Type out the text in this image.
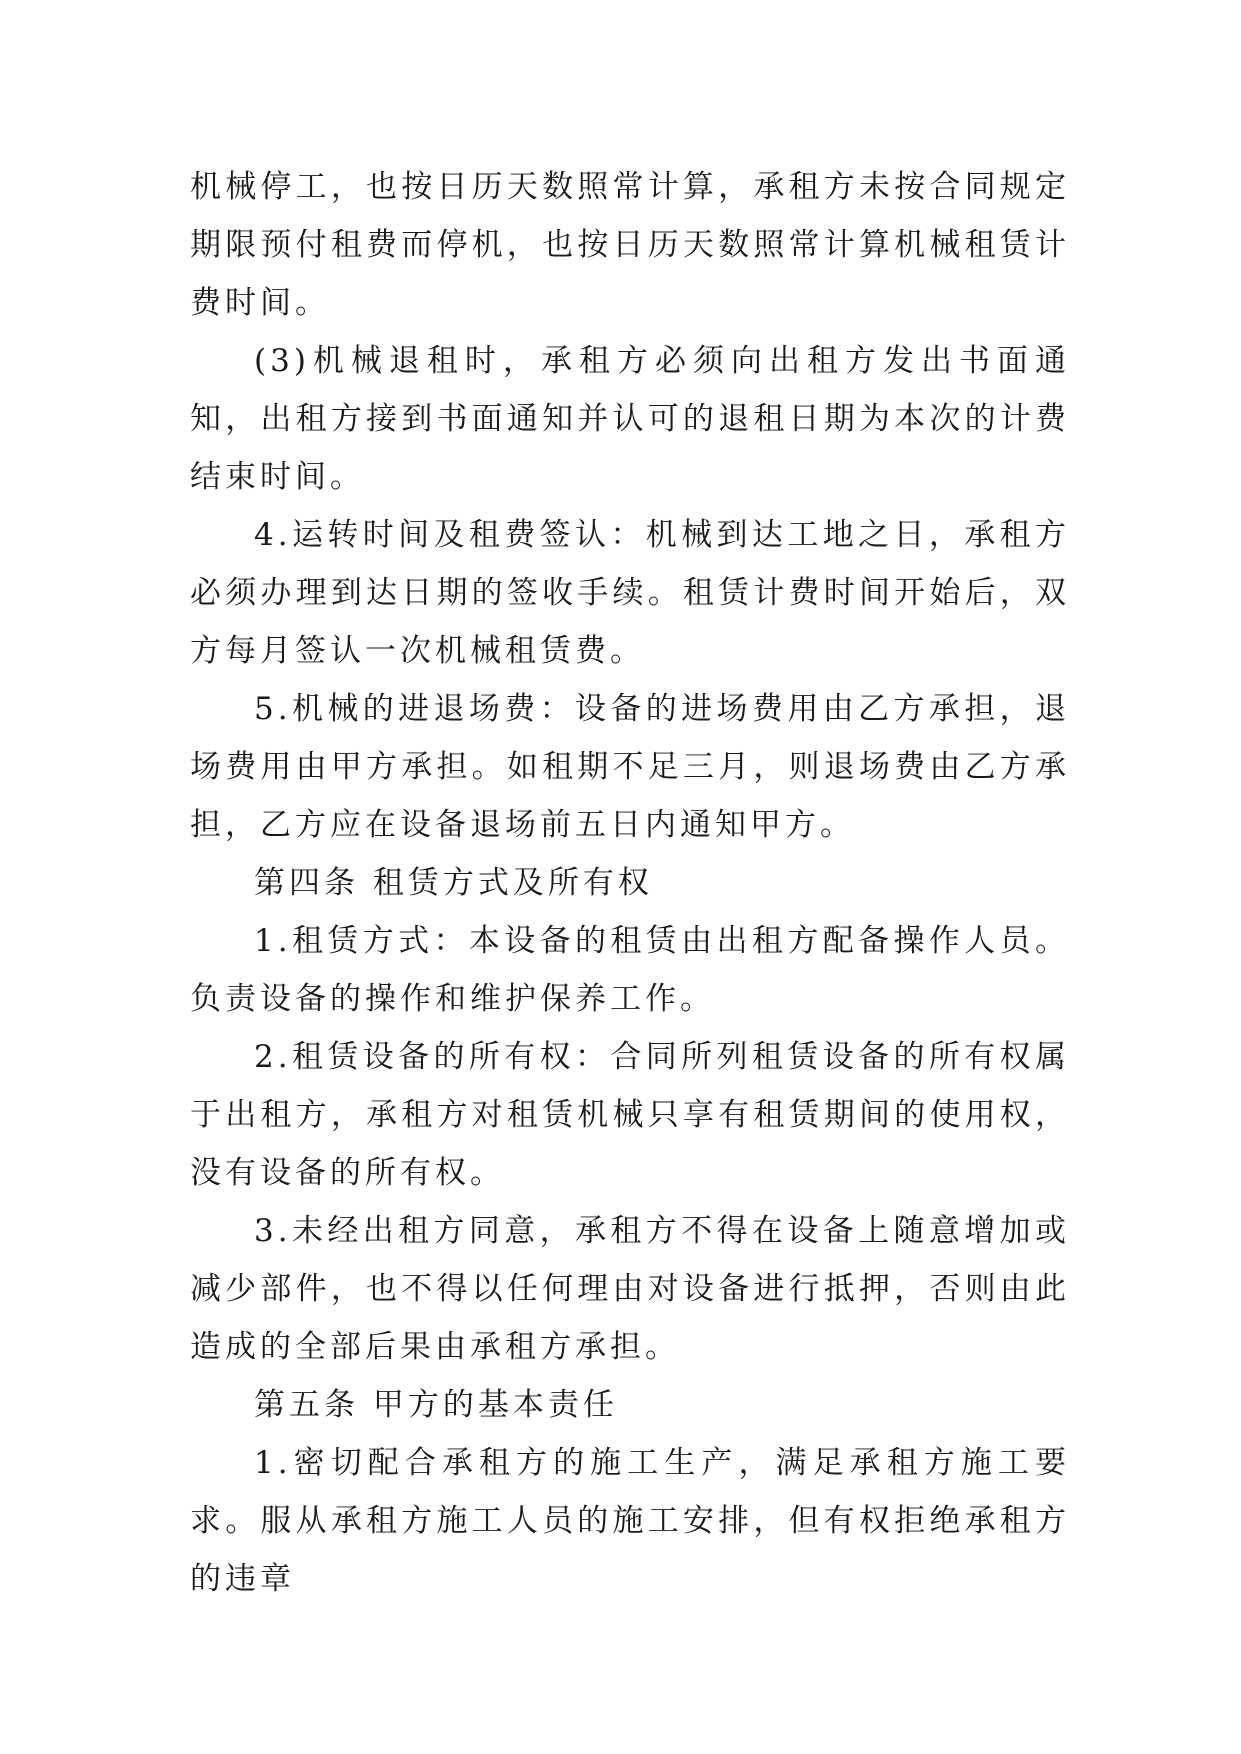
机械停工，也按日历天数照常计算，承租方未按合同规定期限预付租费而停机，也按日历天数照常计算机械租赁计费时间。

(3)机械退租时，承租方必须向出租方发出书面通知，出租方接到书面通知并认可的退租日期为本次的计费结束时间。

4.运转时间及租费签认：机械到达工地之日，承租方必须办理到达日期的签收手续。租赁计费时间开始后，双方每月签认一次机械租赁费。

5.机械的进退场费：设备的进场费用由乙方承担，退场费用由甲方承担。如租期不足三月，则退场费由乙方承担，乙方应在设备退场前五日内通知甲方。

第四条 租赁方式及所有权

1.租赁方式：本设备的租赁由出租方配备操作人员。负责设备的操作和维护保养工作。

2.租赁设备的所有权：合同所列租赁设备的所有权属于出租方，承租方对租赁机械只享有租赁期间的使用权，没有设备的所有权。

3.未经出租方同意，承租方不得在设备上随意增加或减少部件，也不得以任何理由对设备进行抵押，否则由此造成的全部后果由承租方承担。

第五条 甲方的基本责任

1.密切配合承租方的施工生产，满足承租方施工要求。服从承租方施工人员的施工安排，但有权拒绝承租方的违章
